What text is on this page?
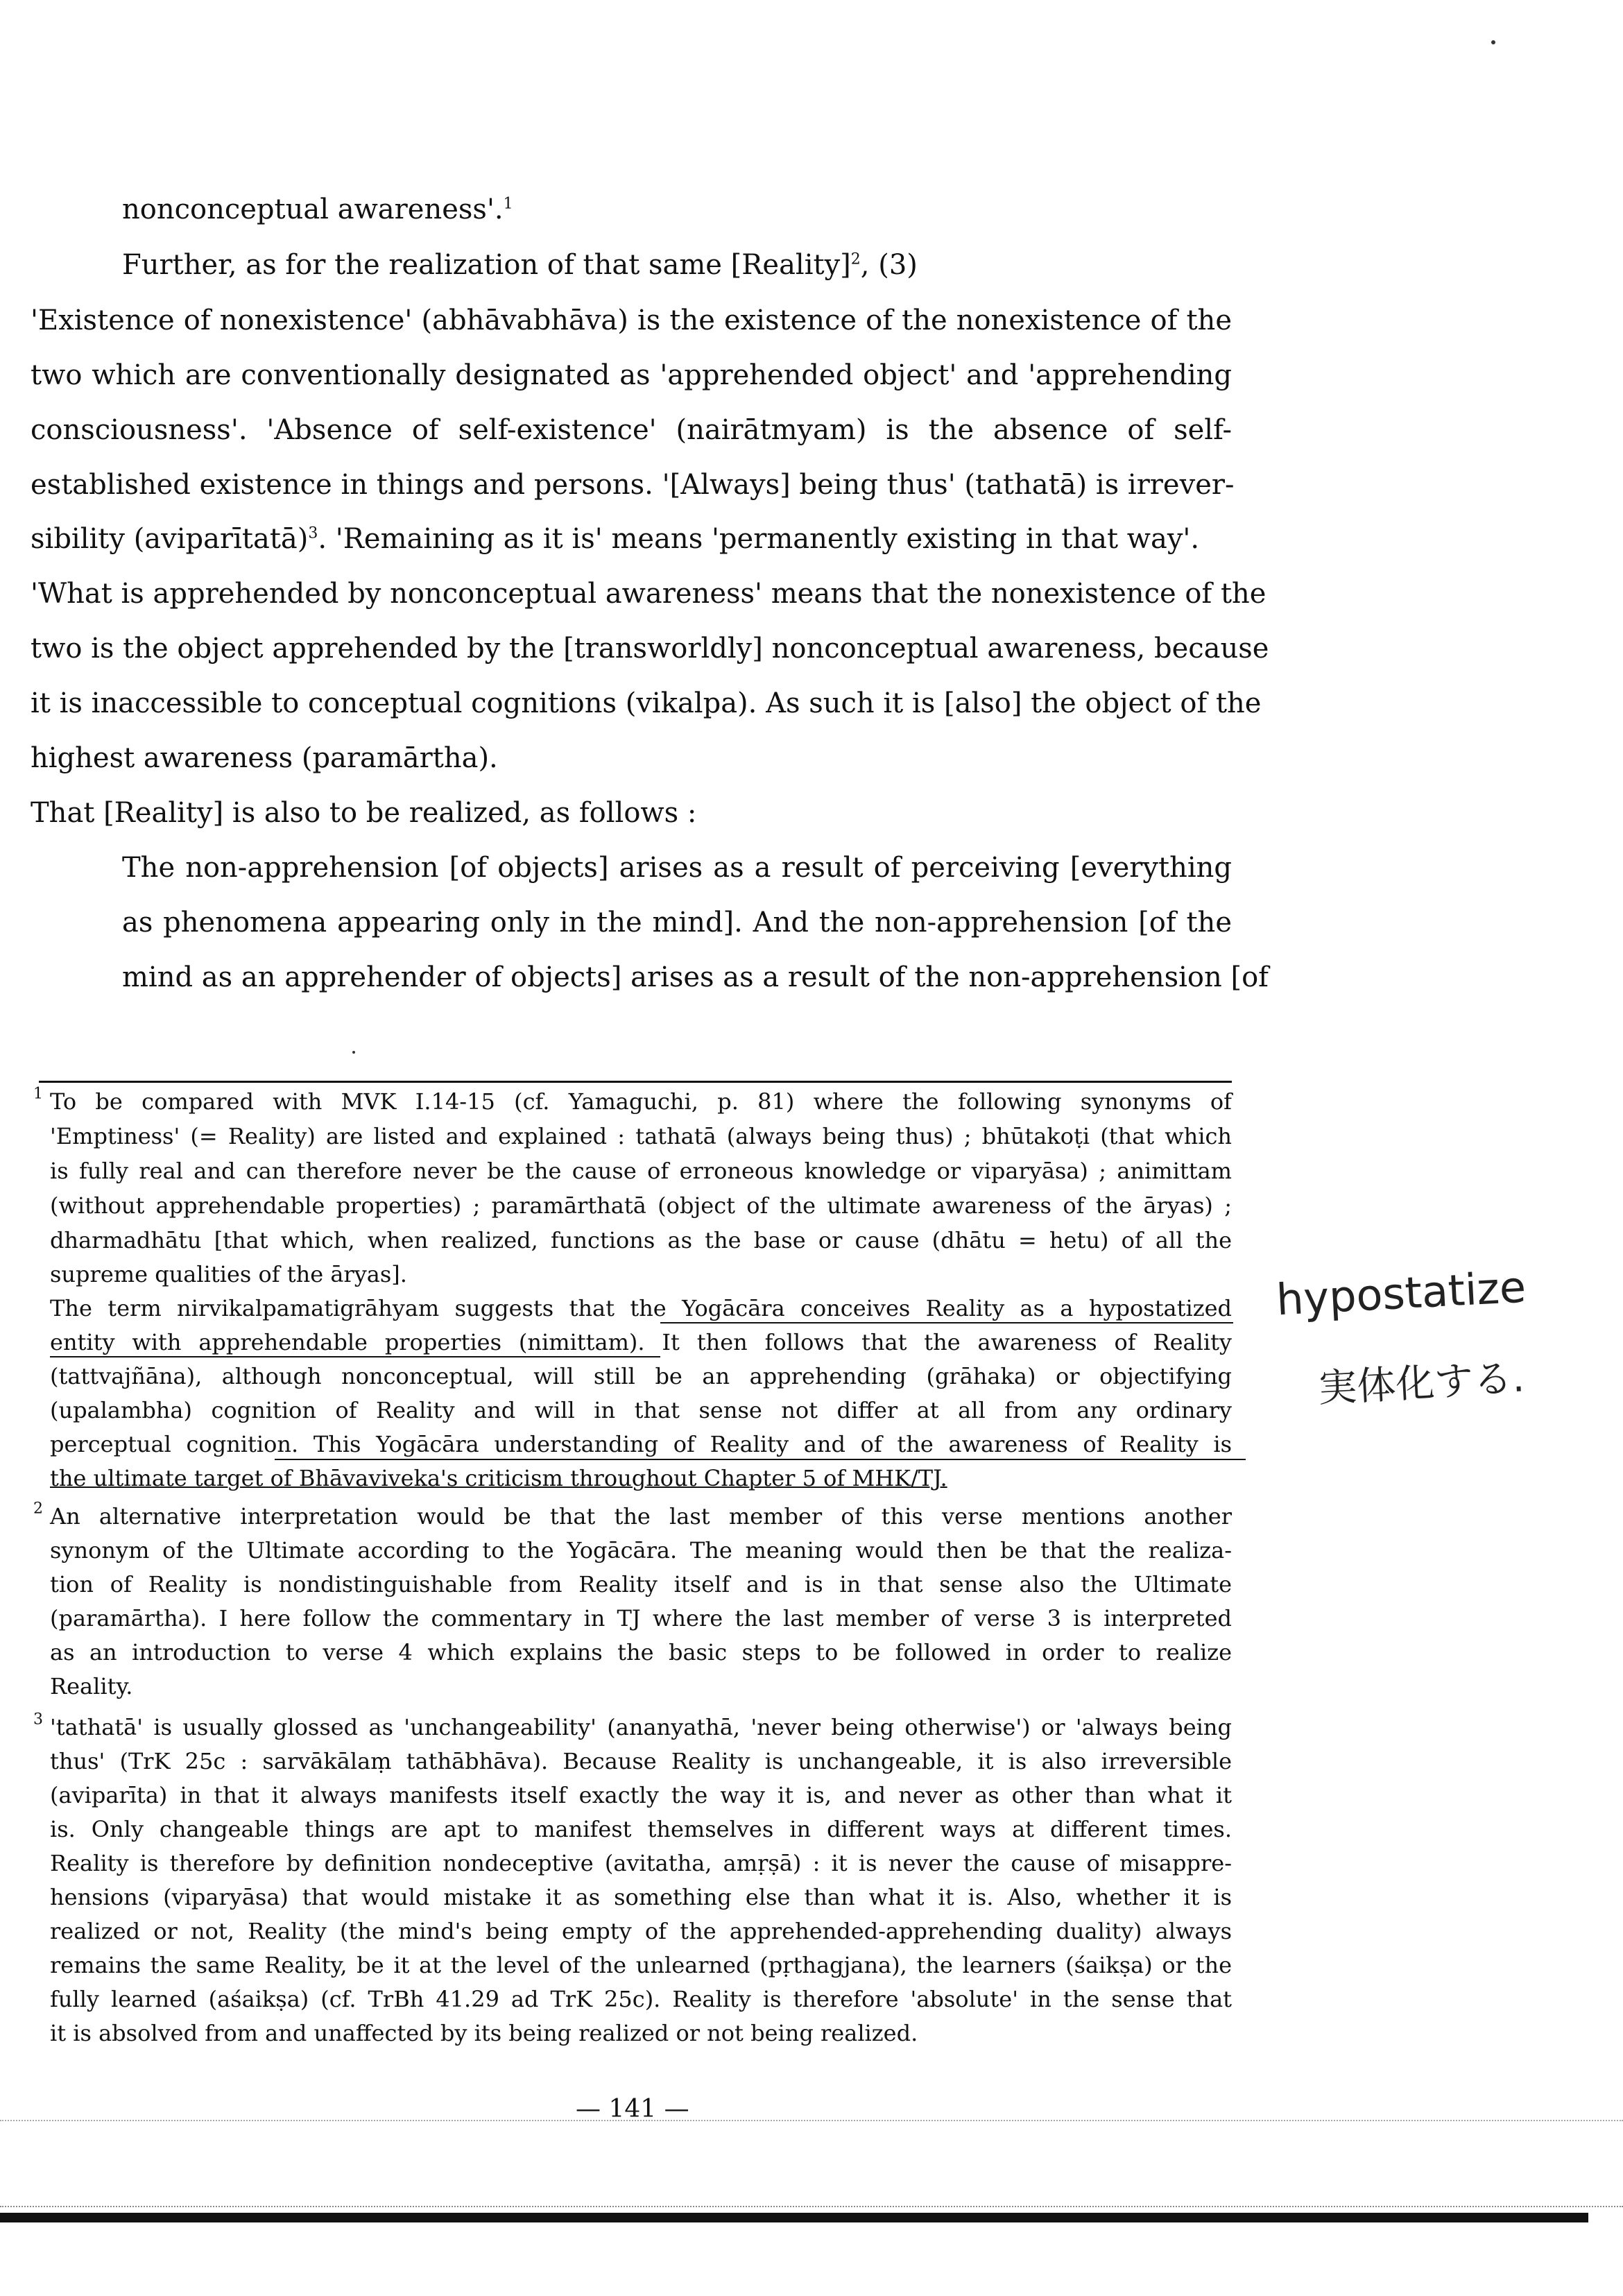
nonconceptual awareness'.$^1$
Further, as for the realization of that same [Reality]$^2$, (3)
'Existence of nonexistence' (abhāvabhāva) is the existence of the nonexistence of the
two which are conventionally designated as 'apprehended object' and 'apprehending
consciousness'. 'Absence of self-existence' (nairātmyam) is the absence of self-
established existence in things and persons. '[Always] being thus' (tathatā) is irrever-
sibility (aviparītatā)$^3$. 'Remaining as it is' means 'permanently existing in that way'.
'What is apprehended by nonconceptual awareness' means that the nonexistence of the
two is the object apprehended by the [transworldly] nonconceptual awareness, because
it is inaccessible to conceptual cognitions (vikalpa). As such it is [also] the object of the
highest awareness (paramārtha).
That [Reality] is also to be realized, as follows :
The non-apprehension [of objects] arises as a result of perceiving [everything
as phenomena appearing only in the mind]. And the non-apprehension [of the
mind as an apprehender of objects] arises as a result of the non-apprehension [of
$^1$ To be compared with MVK I.14-15 (cf. Yamaguchi, p. 81) where the following synonyms of
'Emptiness' (= Reality) are listed and explained : tathatā (always being thus) ; bhūtakoṭi (that which
is fully real and can therefore never be the cause of erroneous knowledge or viparyāsa) ; animittam
(without apprehendable properties) ; paramārthatā (object of the ultimate awareness of the āryas) ;
dharmadhātu [that which, when realized, functions as the base or cause (dhātu = hetu) of all the
supreme qualities of the āryas].
The term nirvikalpamatigrāhyam suggests that the Yogācāra conceives Reality as a hypostatized
entity with apprehendable properties (nimittam). It then follows that the awareness of Reality
(tattvajñāna), although nonconceptual, will still be an apprehending (grāhaka) or objectifying
(upalambha) cognition of Reality and will in that sense not differ at all from any ordinary
perceptual cognition. This Yogācāra understanding of Reality and of the awareness of Reality is
the ultimate target of Bhāvaviveka's criticism throughout Chapter 5 of MHK/TJ.
$^2$ An alternative interpretation would be that the last member of this verse mentions another
synonym of the Ultimate according to the Yogācāra. The meaning would then be that the realiza-
tion of Reality is nondistinguishable from Reality itself and is in that sense also the Ultimate
(paramārtha). I here follow the commentary in TJ where the last member of verse 3 is interpreted
as an introduction to verse 4 which explains the basic steps to be followed in order to realize
Reality.
$^3$ 'tathatā' is usually glossed as 'unchangeability' (ananyathā, 'never being otherwise') or 'always being
thus' (TrK 25c : sarvākālaṃ tathābhāva). Because Reality is unchangeable, it is also irreversible
(aviparīta) in that it always manifests itself exactly the way it is, and never as other than what it
is. Only changeable things are apt to manifest themselves in different ways at different times.
Reality is therefore by definition nondeceptive (avitatha, amṛṣā) : it is never the cause of misappre-
hensions (viparyāsa) that would mistake it as something else than what it is. Also, whether it is
realized or not, Reality (the mind's being empty of the apprehended-apprehending duality) always
remains the same Reality, be it at the level of the unlearned (pṛthagjana), the learners (śaikṣa) or the
fully learned (aśaikṣa) (cf. TrBh 41.29 ad TrK 25c). Reality is therefore 'absolute' in the sense that
it is absolved from and unaffected by its being realized or not being realized.
hypostatize
実体化する.
— 141 —
